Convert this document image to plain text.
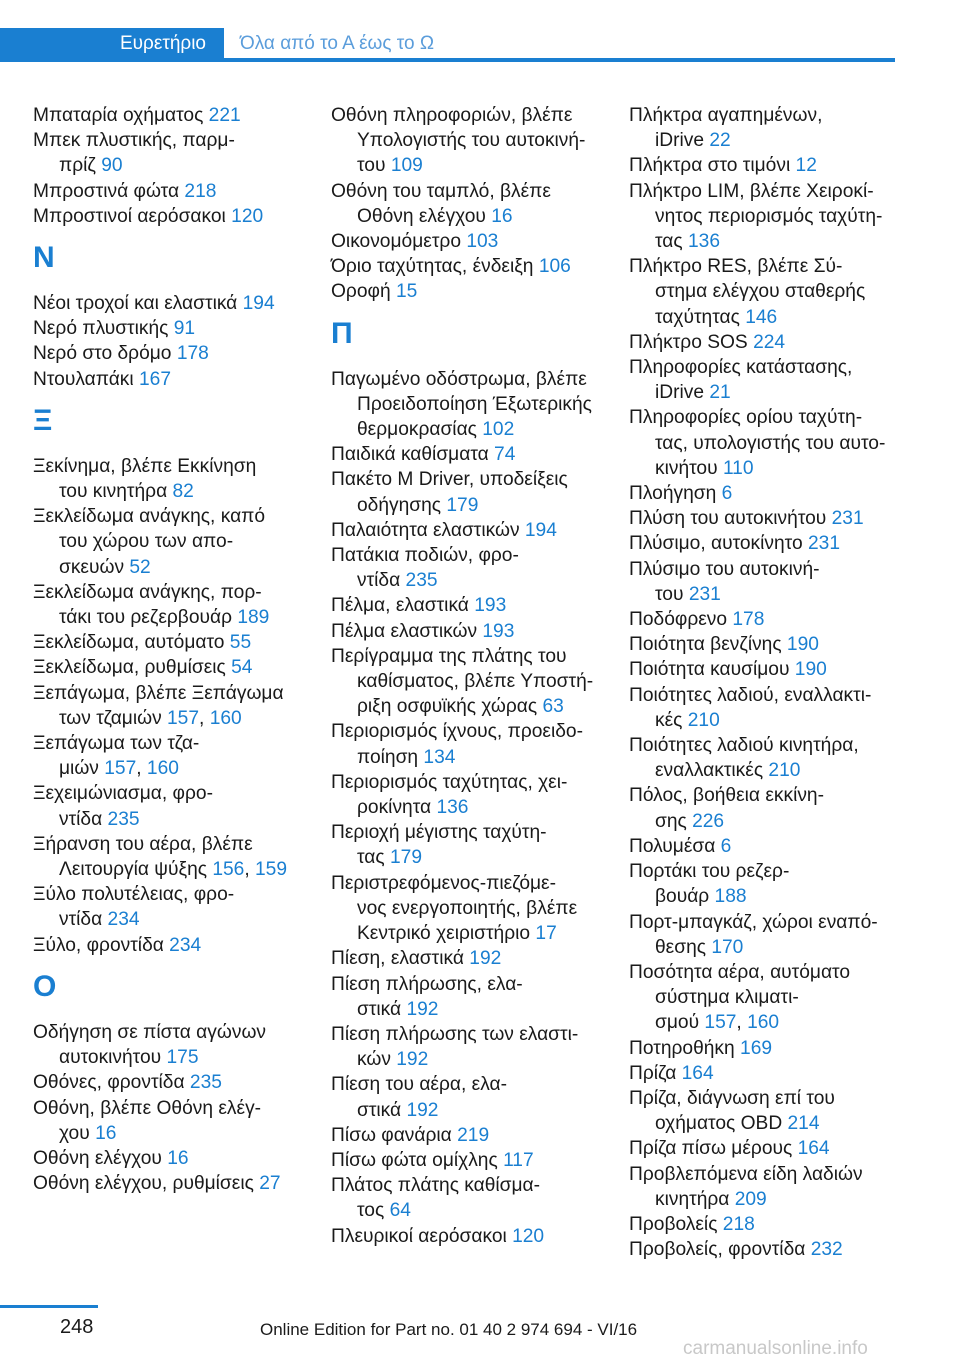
Ευρετήριο	Όλα από το Α έως το Ω
Μπαταρία οχήματος 221
Μπεκ πλυστικής, παρμ‐
πρίζ 90
Μπροστινά φώτα 218
Μπροστινοί αερόσακοι 120
Ν
Νέοι τροχοί και ελαστικά 194
Νερό πλυστικής 91
Νερό στο δρόμο 178
Ντουλαπάκι 167
Ξ
Ξεκίνημα, βλέπε Εκκίνηση
του κινητήρα 82
Ξεκλείδωμα ανάγκης, καπό
του χώρου των απο‐
σκευών 52
Ξεκλείδωμα ανάγκης, πορ‐
τάκι του ρεζερβουάρ 189
Ξεκλείδωμα, αυτόματο 55
Ξεκλείδωμα, ρυθμίσεις 54
Ξεπάγωμα, βλέπε Ξεπάγωμα
των τζαμιών 157, 160
Ξεπάγωμα των τζα‐
μιών 157, 160
Ξεχειμώνιασμα, φρο‐
ντίδα 235
Ξήρανση του αέρα, βλέπε
Λειτουργία ψύξης 156, 159
Ξύλο πολυτέλειας, φρο‐
ντίδα 234
Ξύλο, φροντίδα 234
Ο
Οδήγηση σε πίστα αγώνων
αυτοκινήτου 175
Οθόνες, φροντίδα 235
Οθόνη, βλέπε Οθόνη ελέγ‐
χου 16
Οθόνη ελέγχου 16
Οθόνη ελέγχου, ρυθμίσεις 27
Οθόνη πληροφοριών, βλέπε
Υπολογιστής του αυτοκινή‐
του 109
Οθόνη του ταμπλό, βλέπε
Οθόνη ελέγχου 16
Οικονομόμετρο 103
Όριο ταχύτητας, ένδειξη 106
Οροφή 15
Π
Παγωμένο οδόστρωμα, βλέπε
Προειδοποίηση Έξωτερικής
θερμοκρασίας 102
Παιδικά καθίσματα 74
Πακέτο M Driver, υποδείξεις
οδήγησης 179
Παλαιότητα ελαστικών 194
Πατάκια ποδιών, φρο‐
ντίδα 235
Πέλμα, ελαστικά 193
Πέλμα ελαστικών 193
Περίγραμμα της πλάτης του
καθίσματος, βλέπε Υποστή‐
ριξη οσφυϊκής χώρας 63
Περιορισμός ίχνους, προειδο‐
ποίηση 134
Περιορισμός ταχύτητας, χει‐
ροκίνητα 136
Περιοχή μέγιστης ταχύτη‐
τας 179
Περιστρεφόμενος-πιεζόμε‐
νος ενεργοποιητής, βλέπε
Κεντρικό χειριστήριο 17
Πίεση, ελαστικά 192
Πίεση πλήρωσης, ελα‐
στικά 192
Πίεση πλήρωσης των ελαστι‐
κών 192
Πίεση του αέρα, ελα‐
στικά 192
Πίσω φανάρια 219
Πίσω φώτα ομίχλης 117
Πλάτος πλάτης καθίσμα‐
τος 64
Πλευρικοί αερόσακοι 120
Πλήκτρα αγαπημένων,
iDrive 22
Πλήκτρα στο τιμόνι 12
Πλήκτρο LIM, βλέπε Χειροκί‐
νητος περιορισμός ταχύτη‐
τας 136
Πλήκτρο RES, βλέπε Σύ‐
στημα ελέγχου σταθερής
ταχύτητας 146
Πλήκτρο SOS 224
Πληροφορίες κατάστασης,
iDrive 21
Πληροφορίες ορίου ταχύτη‐
τας, υπολογιστής του αυτο‐
κινήτου 110
Πλοήγηση 6
Πλύση του αυτοκινήτου 231
Πλύσιμο, αυτοκίνητο 231
Πλύσιμο του αυτοκινή‐
του 231
Ποδόφρενο 178
Ποιότητα βενζίνης 190
Ποιότητα καυσίμου 190
Ποιότητες λαδιού, εναλλακτι‐
κές 210
Ποιότητες λαδιού κινητήρα,
εναλλακτικές 210
Πόλος, βοήθεια εκκίνη‐
σης 226
Πολυμέσα 6
Πορτάκι του ρεζερ‐
βουάρ 188
Πορτ-μπαγκάζ, χώροι εναπό‐
θεσης 170
Ποσότητα αέρα, αυτόματο
σύστημα κλιματι‐
σμού 157, 160
Ποτηροθήκη 169
Πρίζα 164
Πρίζα, διάγνωση επί του
οχήματος OBD 214
Πρίζα πίσω μέρους 164
Προβλεπόμενα είδη λαδιών
κινητήρα 209
Προβολείς 218
Προβολείς, φροντίδα 232
248	Online Edition for Part no. 01 40 2 974 694 - VI/16
carmanualsonline.info
